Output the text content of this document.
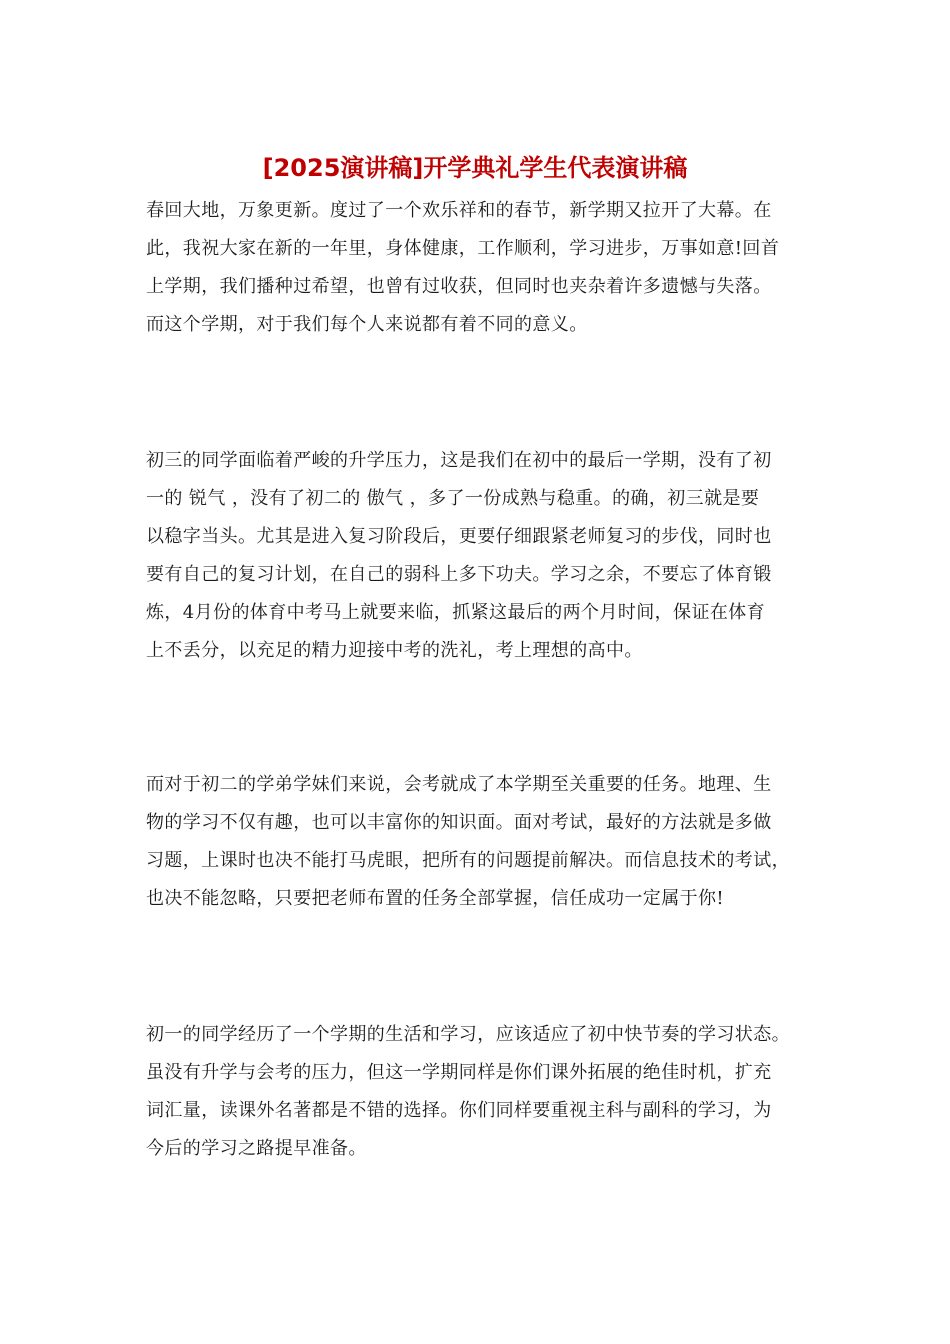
[2025演讲稿]开学典礼学生代表演讲稿
春回大地，万象更新。度过了一个欢乐祥和的春节，新学期又拉开了大幕。在
此，我祝大家在新的一年里，身体健康，工作顺利，学习进步，万事如意!回首
上学期，我们播种过希望，也曾有过收获，但同时也夹杂着许多遗憾与失落。
而这个学期，对于我们每个人来说都有着不同的意义。
初三的同学面临着严峻的升学压力，这是我们在初中的最后一学期，没有了初
一的 锐气 ，没有了初二的 傲气 ，多了一份成熟与稳重。的确，初三就是要
以稳字当头。尤其是进入复习阶段后，更要仔细跟紧老师复习的步伐，同时也
要有自己的复习计划，在自己的弱科上多下功夫。学习之余，不要忘了体育锻
炼，4月份的体育中考马上就要来临，抓紧这最后的两个月时间，保证在体育
上不丢分，以充足的精力迎接中考的洗礼，考上理想的高中。
而对于初二的学弟学妹们来说，会考就成了本学期至关重要的任务。地理、生
物的学习不仅有趣，也可以丰富你的知识面。面对考试，最好的方法就是多做
习题，上课时也决不能打马虎眼，把所有的问题提前解决。而信息技术的考试，
也决不能忽略，只要把老师布置的任务全部掌握，信任成功一定属于你!
初一的同学经历了一个学期的生活和学习，应该适应了初中快节奏的学习状态。
虽没有升学与会考的压力，但这一学期同样是你们课外拓展的绝佳时机，扩充
词汇量，读课外名著都是不错的选择。你们同样要重视主科与副科的学习，为
今后的学习之路提早准备。
